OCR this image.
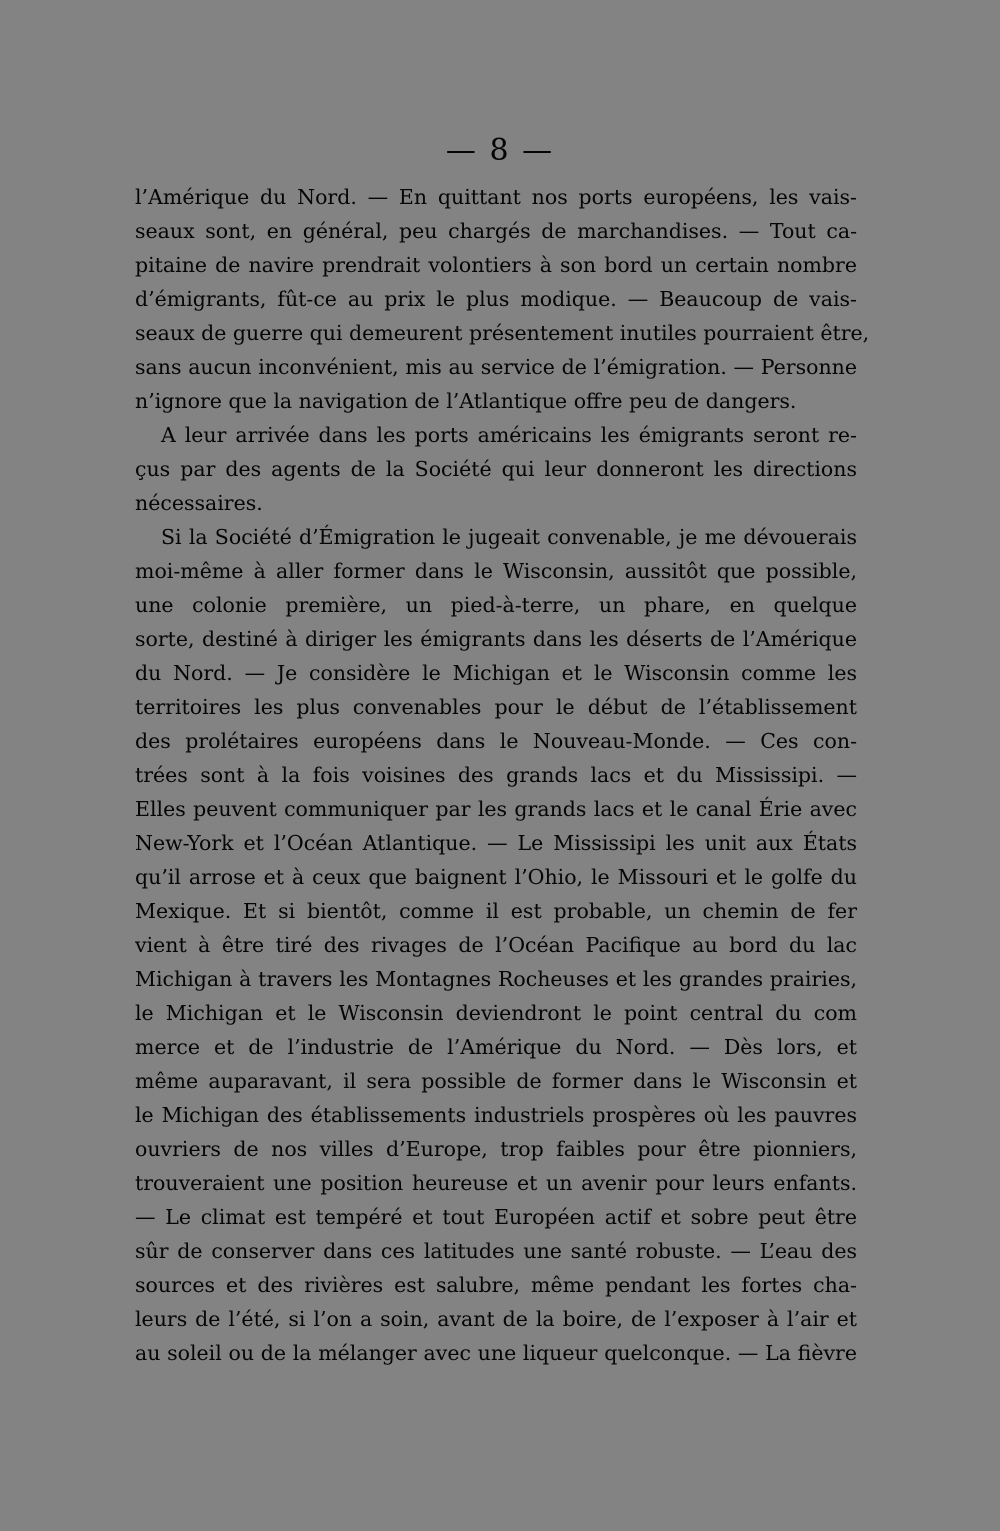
— 8 —
l’Amérique du Nord. — En quittant nos ports européens, les vais-
seaux sont, en général, peu chargés de marchandises. — Tout ca-
pitaine de navire prendrait volontiers à son bord un certain nombre
d’émigrants, fût-ce au prix le plus modique. — Beaucoup de vais-
seaux de guerre qui demeurent présentement inutiles pourraient être,
sans aucun inconvénient, mis au service de l’émigration. — Personne
n’ignore que la navigation de l’Atlantique offre peu de dangers.
A leur arrivée dans les ports américains les émigrants seront re-
çus par des agents de la Société qui leur donneront les directions
nécessaires.
Si la Société d’Émigration le jugeait convenable, je me dévouerais
moi-même à aller former dans le Wisconsin, aussitôt que possible,
une colonie première, un pied-à-terre, un phare, en quelque
sorte, destiné à diriger les émigrants dans les déserts de l’Amérique
du Nord. — Je considère le Michigan et le Wisconsin comme les
territoires les plus convenables pour le début de l’établissement
des prolétaires européens dans le Nouveau-Monde. — Ces con-
trées sont à la fois voisines des grands lacs et du Mississipi. —
Elles peuvent communiquer par les grands lacs et le canal Érie avec
New-York et l’Océan Atlantique. — Le Mississipi les unit aux États
qu’il arrose et à ceux que baignent l’Ohio, le Missouri et le golfe du
Mexique. Et si bientôt, comme il est probable, un chemin de fer
vient à être tiré des rivages de l’Océan Pacifique au bord du lac
Michigan à travers les Montagnes Rocheuses et les grandes prairies,
le Michigan et le Wisconsin deviendront le point central du com
merce et de l’industrie de l’Amérique du Nord. — Dès lors, et
même auparavant, il sera possible de former dans le Wisconsin et
le Michigan des établissements industriels prospères où les pauvres
ouvriers de nos villes d’Europe, trop faibles pour être pionniers,
trouveraient une position heureuse et un avenir pour leurs enfants.
— Le climat est tempéré et tout Européen actif et sobre peut être
sûr de conserver dans ces latitudes une santé robuste. — L’eau des
sources et des rivières est salubre, même pendant les fortes cha-
leurs de l’été, si l’on a soin, avant de la boire, de l’exposer à l’air et
au soleil ou de la mélanger avec une liqueur quelconque. — La fièvre
